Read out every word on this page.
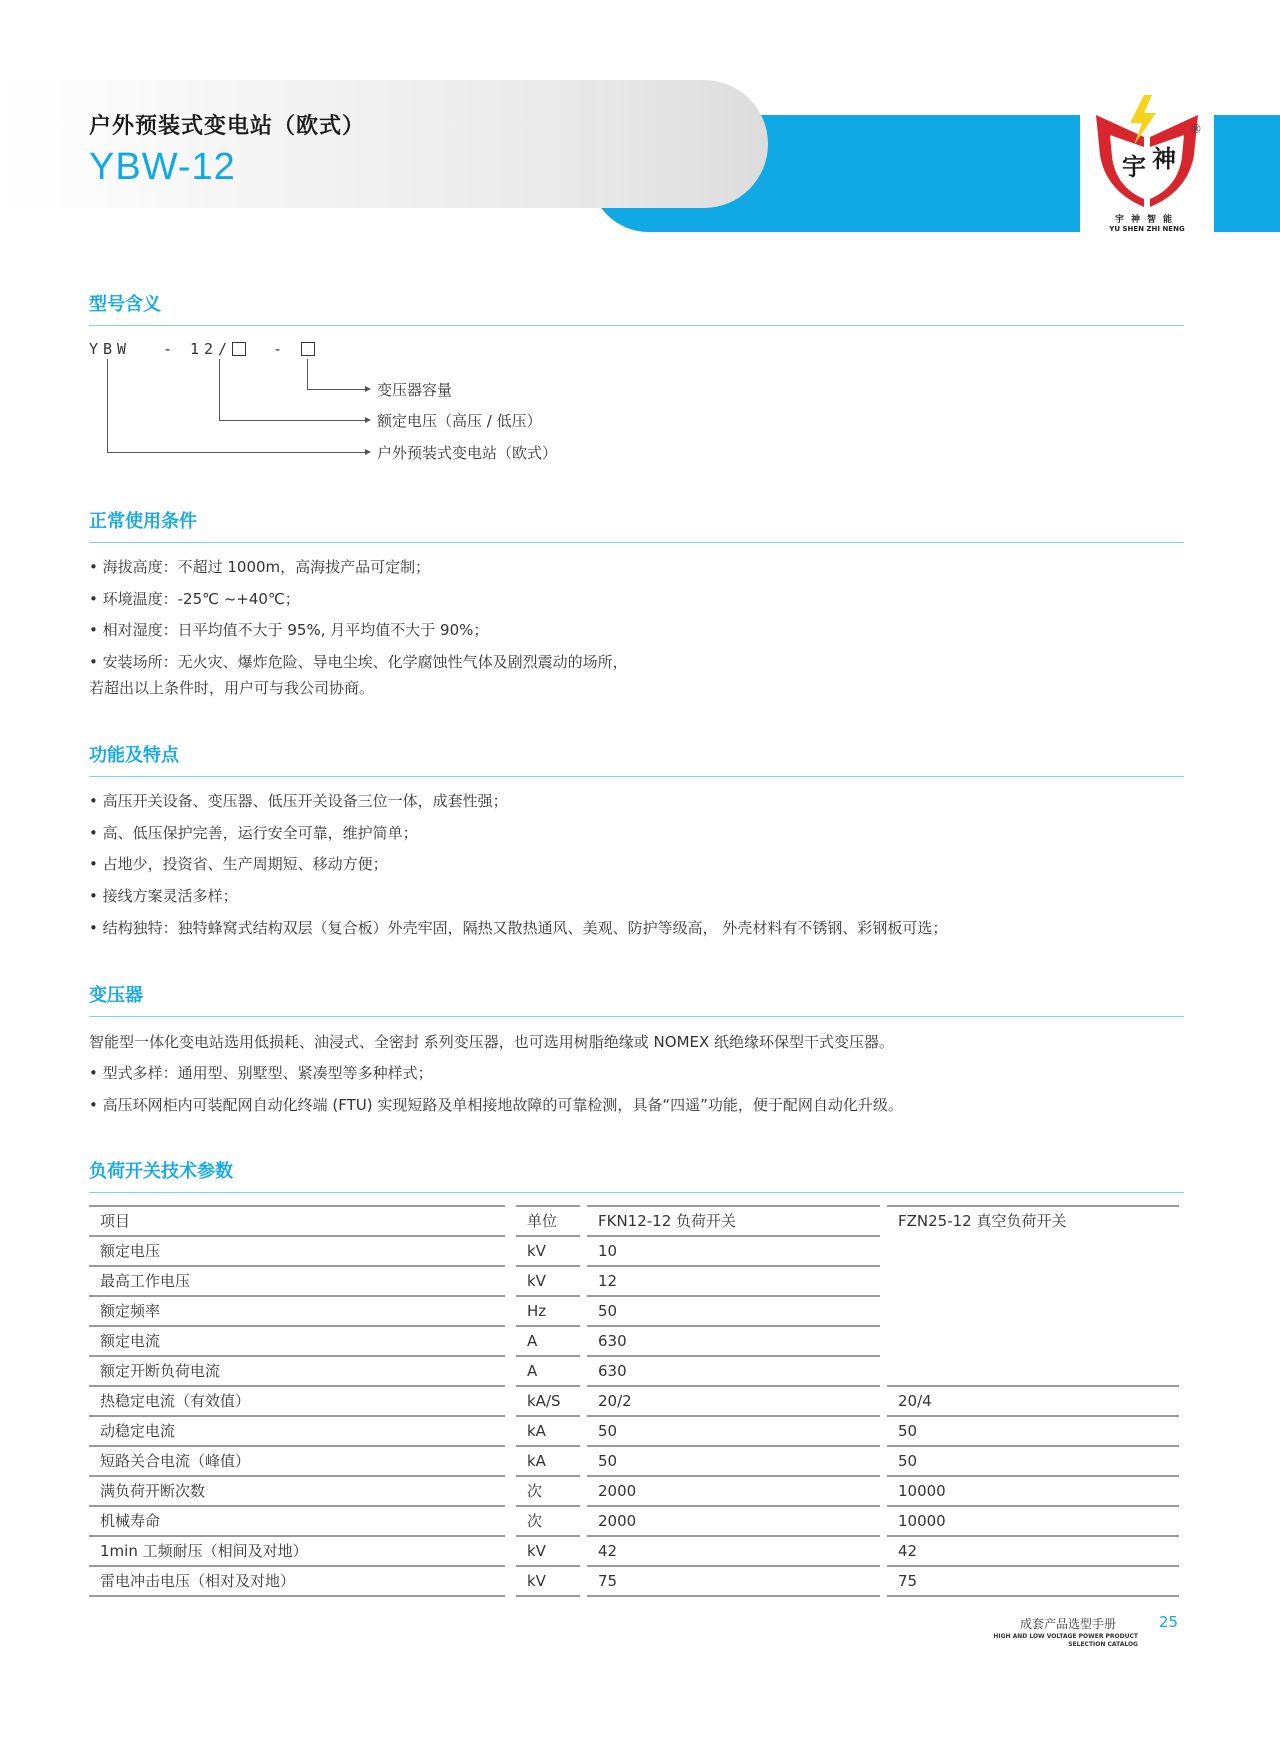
户外预装式变电站（欧式）
YBW-12	宇 神
®
宇神智能
YU SHEN ZHI NENG
型号含义
YBW - 12/	-
变压器容量
额定电压（高压 / 低压）
户外预装式变电站（欧式）
正常使用条件
• 海拔高度：不超过 1000m，高海拔产品可定制；
• 环境温度：-25℃ ~+40℃；
• 相对湿度：日平均值不大于 95%, 月平均值不大于 90%；
• 安装场所：无火灾、爆炸危险、导电尘埃、化学腐蚀性气体及剧烈震动的场所，
若超出以上条件时，用户可与我公司协商。
功能及特点
• 高压开关设备、变压器、低压开关设备三位一体，成套性强；
• 高、低压保护完善，运行安全可靠，维护简单；
• 占地少，投资省、生产周期短、移动方便；
• 接线方案灵活多样；
• 结构独特：独特蜂窝式结构双层（复合板）外壳牢固，隔热又散热通风、美观、防护等级高， 外壳材料有不锈钢、彩钢板可选；
变压器
智能型一体化变电站选用低损耗、油浸式、全密封 系列变压器，也可选用树脂绝缘或 NOMEX 纸绝缘环保型干式变压器。
• 型式多样：通用型、别墅型、紧凑型等多种样式；
• 高压环网柜内可装配网自动化终端 (FTU) 实现短路及单相接地故障的可靠检测，具备“四遥”功能，便于配网自动化升级。
负荷开关技术参数
项目	单位	FKN12-12 负荷开关	FZN25-12 真空负荷开关
额定电压	kV	10
最高工作电压	kV	12
额定频率	Hz	50
额定电流	A	630
额定开断负荷电流	A	630
热稳定电流（有效值）	kA/S	20/2	20/4
动稳定电流	kA	50	50
短路关合电流（峰值）	kA	50	50
满负荷开断次数	次	2000	10000
机械寿命	次	2000	10000
1min 工频耐压（相间及对地）	kV	42	42
雷电冲击电压（相对及对地）	kV	75	75
成套产品选型手册
HIGH AND LOW VOLTAGE POWER PRODUCT
SELECTION CATALOG
25
